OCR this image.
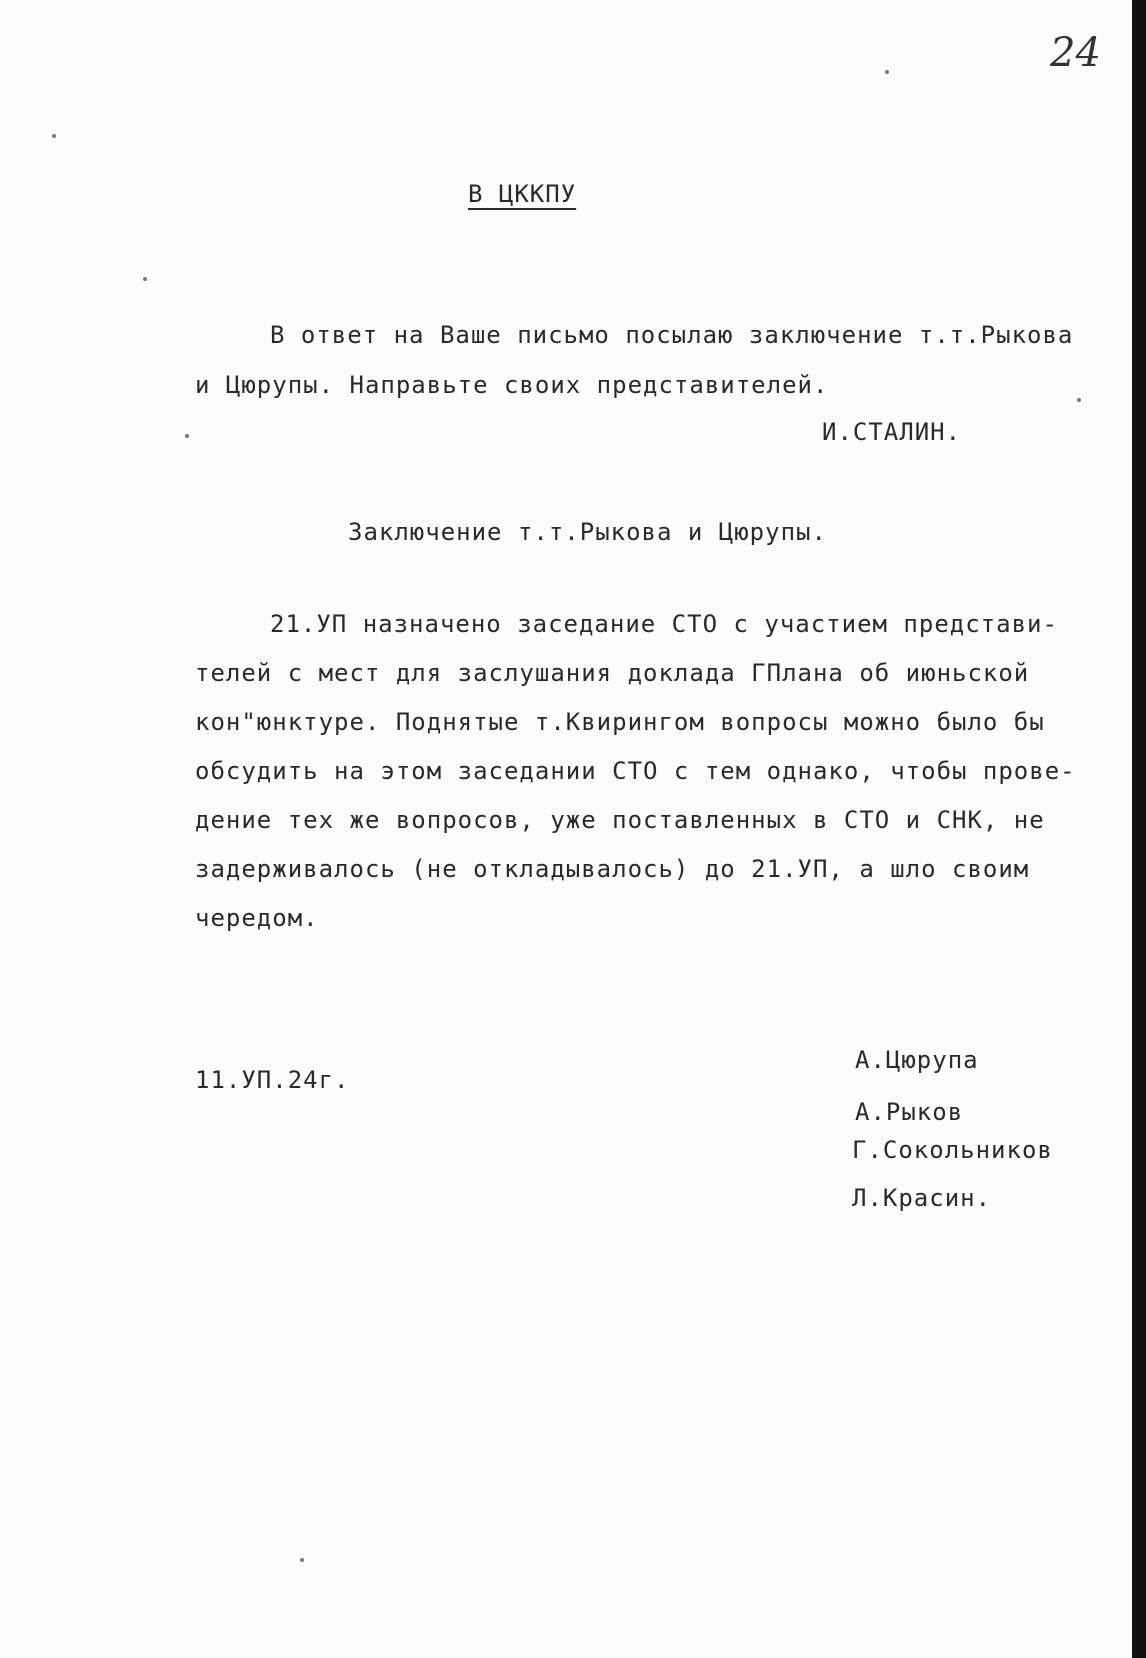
24
В ЦККПУ
В ответ на Ваше письмо посылаю заключение т.т.Рыкова
и Цюрупы. Направьте своих представителей.
И.СТАЛИН.
Заключение т.т.Рыкова и Цюрупы.
21.УП назначено заседание СТО с участием представи-
телей с мест для заслушания доклада ГПлана об июньской
кон"юнктуре. Поднятые т.Квирингом вопросы можно было бы
обсудить на этом заседании СТО с тем однако, чтобы прове-
дение тех же вопросов, уже поставленных в СТО и СНК, не
задерживалось (не откладывалось) до 21.УП, а шло своим
чередом.
11.УП.24г.
А.Цюрупа
А.Рыков
Г.Сокольников
Л.Красин.
